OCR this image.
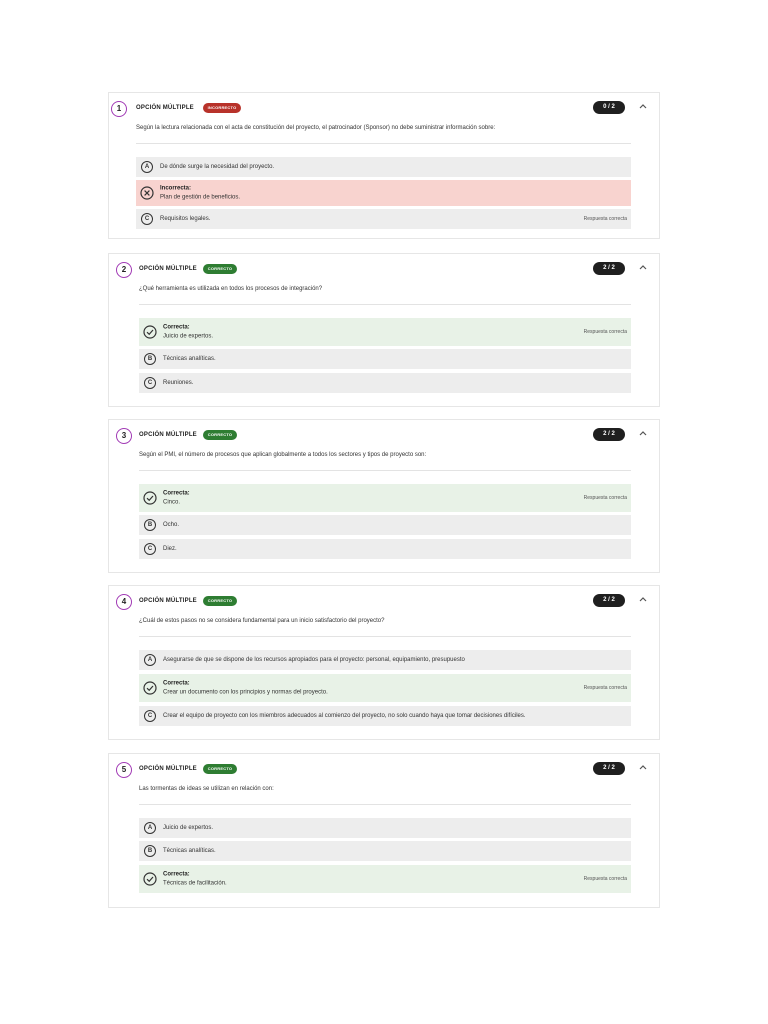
1	OPCIÓN MÚLTIPLE	INCORRECTO	0 / 2
Según la lectura relacionada con el acta de constitución del proyecto, el patrocinador (Sponsor) no debe suministrar información sobre:
A	De dónde surge la necesidad del proyecto.
Incorrecta:
Plan de gestión de beneficios.
C	Requisitos legales.	Respuesta correcta
2	OPCIÓN MÚLTIPLE	CORRECTO	2 / 2
¿Qué herramienta es utilizada en todos los procesos de integración?
Correcta:
Juicio de expertos.
Respuesta correcta
B	Técnicas analíticas.
C	Reuniones.
3	OPCIÓN MÚLTIPLE	CORRECTO	2 / 2
Según el PMI, el número de procesos que aplican globalmente a todos los sectores y tipos de proyecto son:
Correcta:
Cinco.
Respuesta correcta
B	Ocho.
C	Diez.
4	OPCIÓN MÚLTIPLE	CORRECTO	2 / 2
¿Cuál de estos pasos no se considera fundamental para un inicio satisfactorio del proyecto?
A	Asegurarse de que se dispone de los recursos apropiados para el proyecto: personal, equipamiento, presupuesto
Correcta:
Crear un documento con los principios y normas del proyecto.
Respuesta correcta
C	Crear el equipo de proyecto con los miembros adecuados al comienzo del proyecto, no solo cuando haya que tomar decisiones difíciles.
5	OPCIÓN MÚLTIPLE	CORRECTO	2 / 2
Las tormentas de ideas se utilizan en relación con:
A	Juicio de expertos.
B	Técnicas analíticas.
Correcta:
Técnicas de facilitación.
Respuesta correcta
